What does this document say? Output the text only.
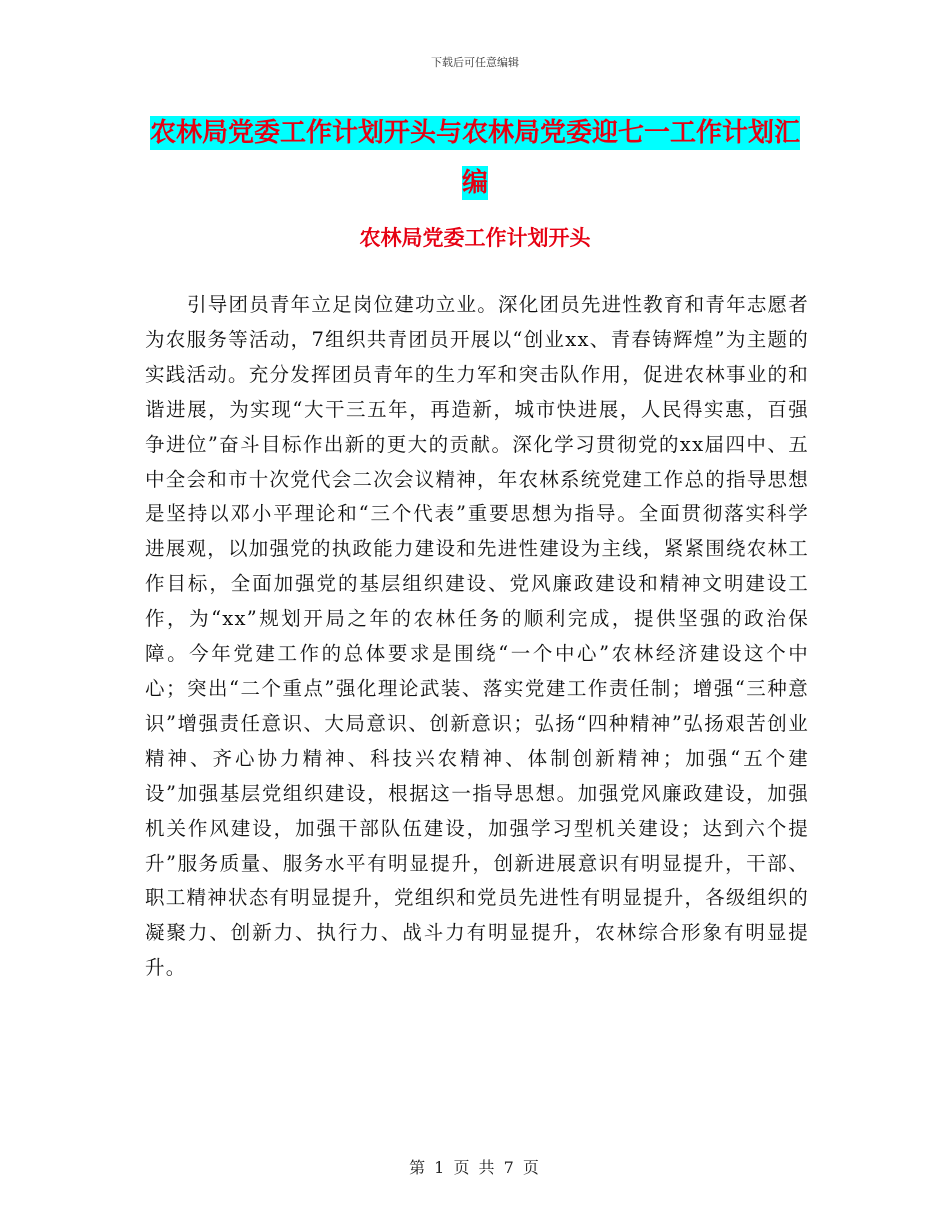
下载后可任意编辑
农林局党委工作计划开头与农林局党委迎七一工作计划汇编
农林局党委工作计划开头

引导团员青年立足岗位建功立业。深化团员先进性教育和青年志愿者为农服务等活动，7组织共青团员开展以“创业xx、青春铸辉煌”为主题的实践活动。充分发挥团员青年的生力军和突击队作用，促进农林事业的和谐进展，为实现“大干三五年，再造新，城市快进展，人民得实惠，百强争进位”奋斗目标作出新的更大的贡献。深化学习贯彻党的xx届四中、五中全会和市十次党代会二次会议精神，年农林系统党建工作总的指导思想是坚持以邓小平理论和“三个代表”重要思想为指导。全面贯彻落实科学进展观，以加强党的执政能力建设和先进性建设为主线，紧紧围绕农林工作目标，全面加强党的基层组织建设、党风廉政建设和精神文明建设工作，为“xx”规划开局之年的农林任务的顺利完成，提供坚强的政治保障。今年党建工作的总体要求是围绕“一个中心”农林经济建设这个中心；突出“二个重点”强化理论武装、落实党建工作责任制；增强“三种意识”增强责任意识、大局意识、创新意识；弘扬“四种精神”弘扬艰苦创业精神、齐心协力精神、科技兴农精神、体制创新精神；加强“五个建设”加强基层党组织建设，根据这一指导思想。加强党风廉政建设，加强机关作风建设，加强干部队伍建设，加强学习型机关建设；达到六个提升”服务质量、服务水平有明显提升，创新进展意识有明显提升，干部、职工精神状态有明显提升，党组织和党员先进性有明显提升，各级组织的凝聚力、创新力、执行力、战斗力有明显提升，农林综合形象有明显提升。

第 1 页 共 7 页
